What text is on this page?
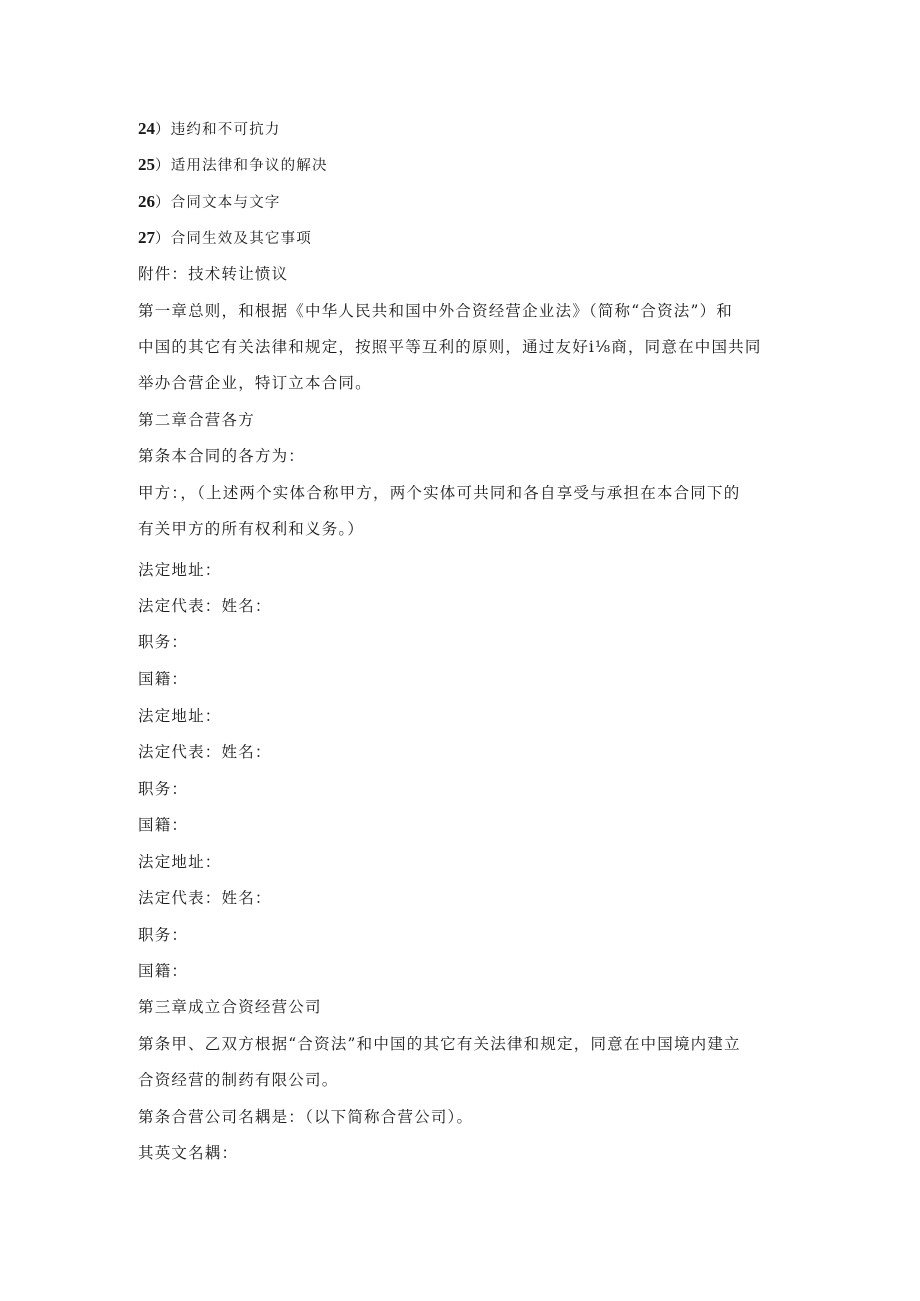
24）违约和不可抗力
25）适用法律和争议的解决
26）合同文本与文字
27）合同生效及其它事项
附件：技术转让愤议
第一章总则，和根据《中华人民共和国中外合资经营企业法》（简称“合资法”）和
中国的其它有关法律和规定，按照平等互利的原则，通过友好i⅛商，同意在中国共同
举办合营企业，特订立本合同。
第二章合营各方
第条本合同的各方为：
甲方：，（上述两个实体合称甲方，两个实体可共同和各自享受与承担在本合同下的
有关甲方的所有权利和义务。）
法定地址：
法定代表：姓名：
职务：
国籍：
法定地址：
法定代表：姓名：
职务：
国籍：
法定地址：
法定代表：姓名：
职务：
国籍：
第三章成立合资经营公司
第条甲、乙双方根据“合资法”和中国的其它有关法律和规定，同意在中国境内建立
合资经营的制药有限公司。
第条合营公司名耦是：（以下简称合营公司）。
其英文名耦：
